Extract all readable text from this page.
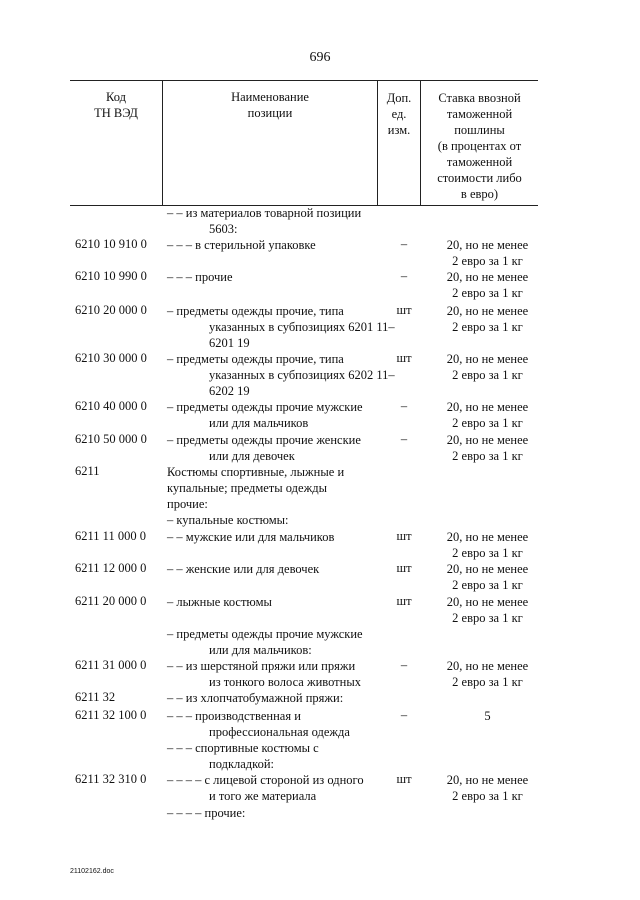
696
Код
ТН ВЭД
Наименование
позиции
Доп.
ед.
изм.
Ставка ввозной
таможенной
пошлины
(в процентах от
таможенной
стоимости либо
в евро)
– – из материалов товарной позиции
5603:
6210 10 910 0 – – – в стерильной упаковке	–	20, но не менее
2 евро за 1 кг
6210 10 990 0 – – – прочие	–	20, но не менее
2 евро за 1 кг
6210 20 000 0 – предметы одежды прочие, типа
указанных в субпозициях 6201 11–
6201 19
шт	20, но не менее
2 евро за 1 кг
6210 30 000 0 – предметы одежды прочие, типа
указанных в субпозициях 6202 11–
6202 19
шт	20, но не менее
2 евро за 1 кг
6210 40 000 0 – предметы одежды прочие мужские
или для мальчиков
–	20, но не менее
2 евро за 1 кг
6210 50 000 0 – предметы одежды прочие женские
или для девочек
–	20, но не менее
2 евро за 1 кг
6211	Костюмы спортивные, лыжные и
купальные; предметы одежды
прочие:
– купальные костюмы:
6211 11 000 0 – – мужские или для мальчиков	шт	20, но не менее
2 евро за 1 кг
6211 12 000 0 – – женские или для девочек	шт	20, но не менее
2 евро за 1 кг
6211 20 000 0 – лыжные костюмы	шт	20, но не менее
2 евро за 1 кг
– предметы одежды прочие мужские
или для мальчиков:
6211 31 000 0 – – из шерстяной пряжи или пряжи
из тонкого волоса животных
–	20, но не менее
2 евро за 1 кг
6211 32	– – из хлопчатобумажной пряжи:
6211 32 100 0 – – – производственная и
профессиональная одежда
–	5
– – – спортивные костюмы с
подкладкой:
6211 32 310 0 – – – – с лицевой стороной из одного
и того же материала
шт	20, но не менее
2 евро за 1 кг
– – – – прочие:
21102162.doc
